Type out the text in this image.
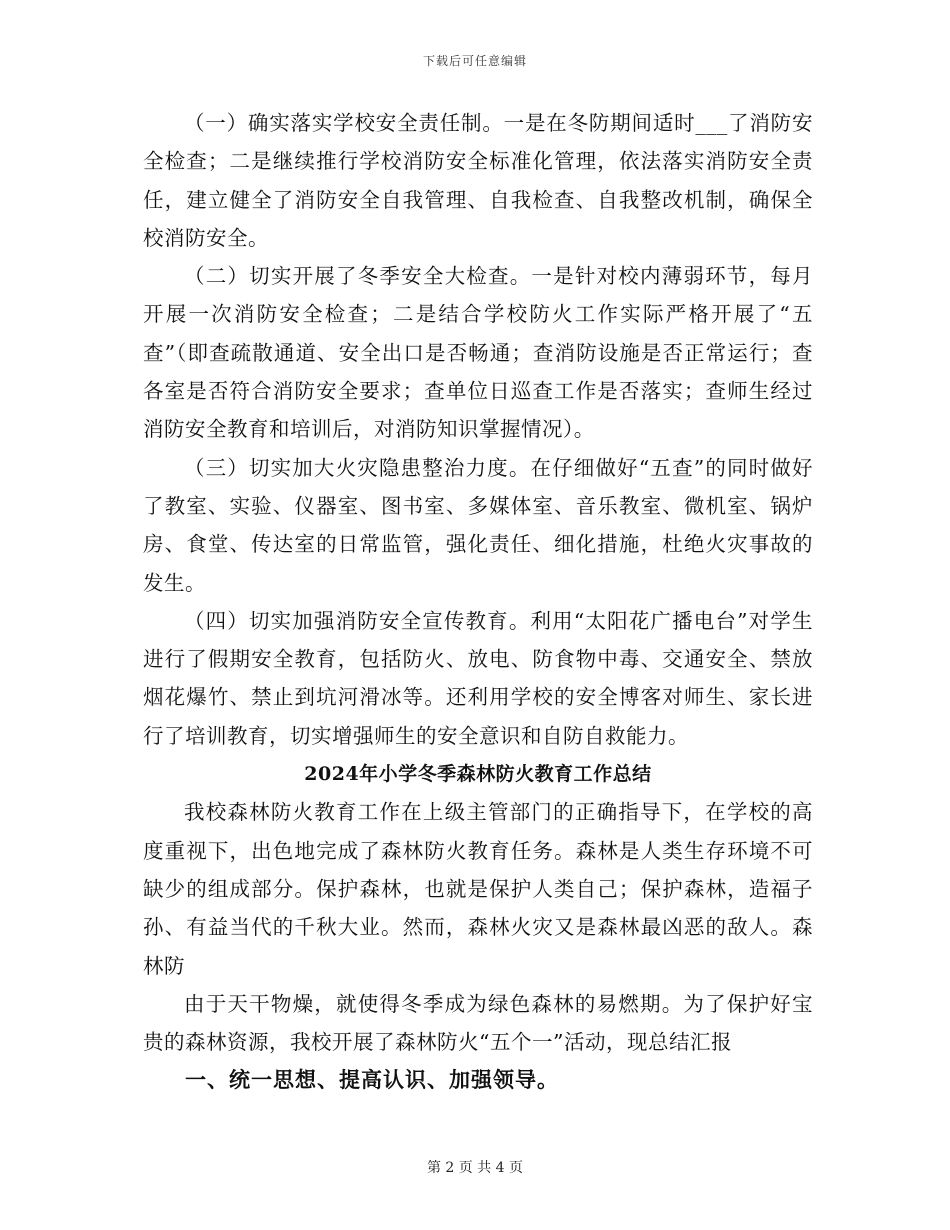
下载后可任意编辑

（一）确实落实学校安全责任制。一是在冬防期间适时___了消防安全检查；二是继续推行学校消防安全标准化管理，依法落实消防安全责任，建立健全了消防安全自我管理、自我检查、自我整改机制，确保全校消防安全。

（二）切实开展了冬季安全大检查。一是针对校内薄弱环节，每月开展一次消防安全检查；二是结合学校防火工作实际严格开展了“五查”（即查疏散通道、安全出口是否畅通；查消防设施是否正常运行；查各室是否符合消防安全要求；查单位日巡查工作是否落实；查师生经过消防安全教育和培训后，对消防知识掌握情况）。

（三）切实加大火灾隐患整治力度。在仔细做好“五查”的同时做好了教室、实验、仪器室、图书室、多媒体室、音乐教室、微机室、锅炉房、食堂、传达室的日常监管，强化责任、细化措施，杜绝火灾事故的发生。

（四）切实加强消防安全宣传教育。利用“太阳花广播电台”对学生进行了假期安全教育，包括防火、放电、防食物中毒、交通安全、禁放烟花爆竹、禁止到坑河滑冰等。还利用学校的安全博客对师生、家长进行了培训教育，切实增强师生的安全意识和自防自救能力。

2024年小学冬季森林防火教育工作总结

我校森林防火教育工作在上级主管部门的正确指导下，在学校的高度重视下，出色地完成了森林防火教育任务。森林是人类生存环境不可缺少的组成部分。保护森林，也就是保护人类自己；保护森林，造福子孙、有益当代的千秋大业。然而，森林火灾又是森林最凶恶的敌人。森林防

由于天干物燥，就使得冬季成为绿色森林的易燃期。为了保护好宝贵的森林资源，我校开展了森林防火“五个一”活动，现总结汇报

一、统一思想、提高认识、加强领导。

第 2 页 共 4 页
